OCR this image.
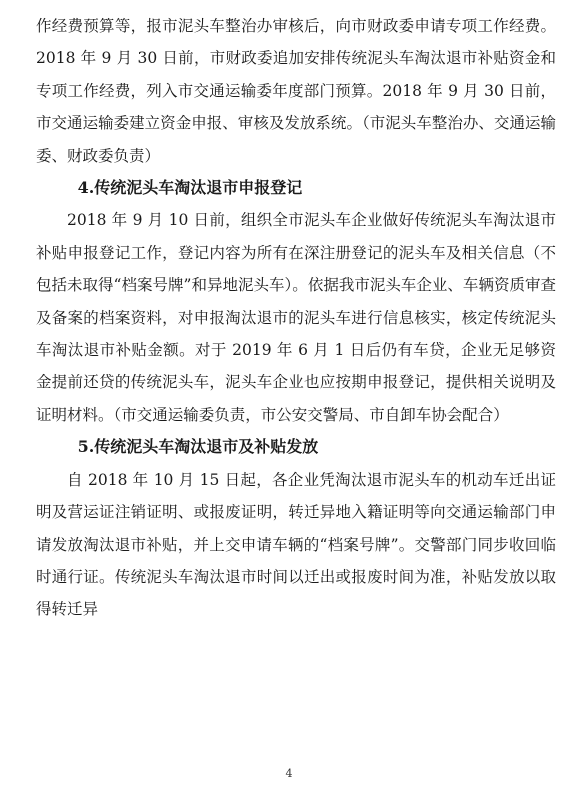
作经费预算等，报市泥头车整治办审核后，向市财政委申请专项工作经费。2018 年 9 月 30 日前，市财政委追加安排传统泥头车淘汰退市补贴资金和专项工作经费，列入市交通运输委年度部门预算。2018 年 9 月 30 日前，市交通运输委建立资金申报、审核及发放系统。（市泥头车整治办、交通运输委、财政委负责）

4.传统泥头车淘汰退市申报登记

2018 年 9 月 10 日前，组织全市泥头车企业做好传统泥头车淘汰退市补贴申报登记工作，登记内容为所有在深注册登记的泥头车及相关信息（不包括未取得“档案号牌”和异地泥头车）。依据我市泥头车企业、车辆资质审查及备案的档案资料，对申报淘汰退市的泥头车进行信息核实，核定传统泥头车淘汰退市补贴金额。对于 2019 年 6 月 1 日后仍有车贷，企业无足够资金提前还贷的传统泥头车，泥头车企业也应按期申报登记，提供相关说明及证明材料。（市交通运输委负责，市公安交警局、市自卸车协会配合）

5.传统泥头车淘汰退市及补贴发放

自 2018 年 10 月 15 日起，各企业凭淘汰退市泥头车的机动车迁出证明及营运证注销证明、或报废证明，转迁异地入籍证明等向交通运输部门申请发放淘汰退市补贴，并上交申请车辆的“档案号牌”。交警部门同步收回临时通行证。传统泥头车淘汰退市时间以迁出或报废时间为准，补贴发放以取得转迁异

4
